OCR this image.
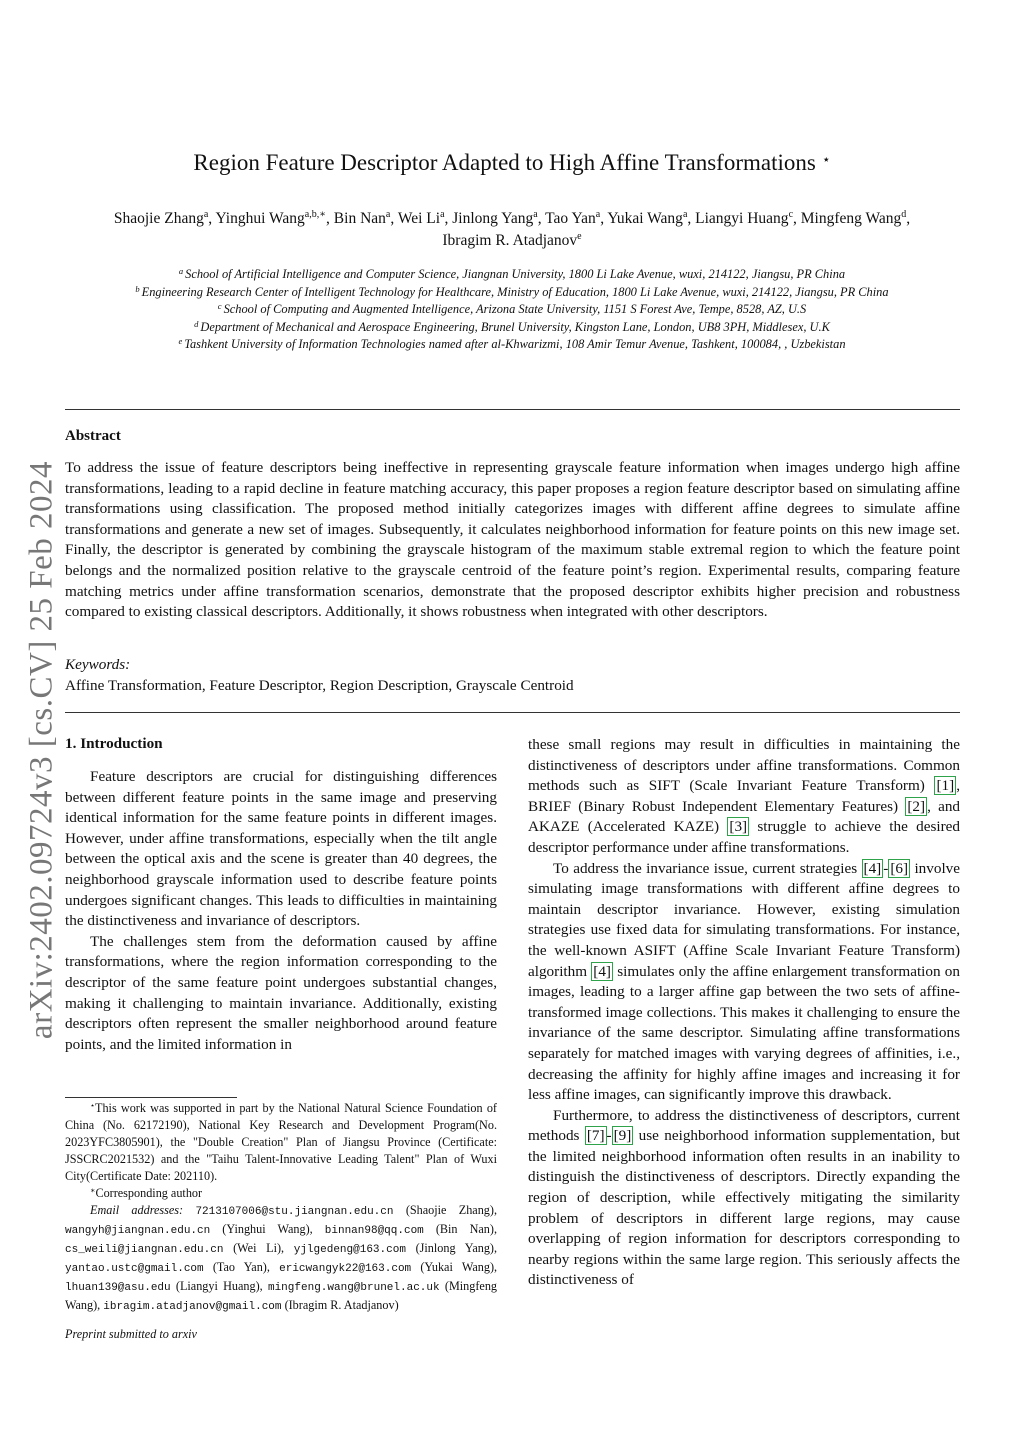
arXiv:2402.09724v3 [cs.CV] 25 Feb 2024
Region Feature Descriptor Adapted to High Affine Transformations ⋆
Shaojie Zhang$^a$, Yinghui Wang$^{a,b,∗}$, Bin Nan$^a$, Wei Li$^a$, Jinlong Yang$^a$, Tao Yan$^a$, Yukai Wang$^a$, Liangyi Huang$^c$, Mingfeng Wang$^d$,
Ibragim R. Atadjanov$^e$
$^a$ School of Artificial Intelligence and Computer Science, Jiangnan University, 1800 Li Lake Avenue, wuxi, 214122, Jiangsu, PR China
$^b$ Engineering Research Center of Intelligent Technology for Healthcare, Ministry of Education, 1800 Li Lake Avenue, wuxi, 214122, Jiangsu, PR China
$^c$ School of Computing and Augmented Intelligence, Arizona State University, 1151 S Forest Ave, Tempe, 8528, AZ, U.S
$^d$ Department of Mechanical and Aerospace Engineering, Brunel University, Kingston Lane, London, UB8 3PH, Middlesex, U.K
$^e$ Tashkent University of Information Technologies named after al-Khwarizmi, 108 Amir Temur Avenue, Tashkent, 100084, , Uzbekistan
Abstract
To address the issue of feature descriptors being ineffective in representing grayscale feature information when images undergo high affine transformations, leading to a rapid decline in feature matching accuracy, this paper proposes a region feature descriptor based on simulating affine transformations using classification. The proposed method initially categorizes images with different affine degrees to simulate affine transformations and generate a new set of images. Subsequently, it calculates neighborhood information for feature points on this new image set. Finally, the descriptor is generated by combining the grayscale histogram of the maximum stable extremal region to which the feature point belongs and the normalized position relative to the grayscale centroid of the feature point’s region. Experimental results, comparing feature matching metrics under affine transformation scenarios, demonstrate that the proposed descriptor exhibits higher precision and robustness compared to existing classical descriptors. Additionally, it shows robustness when integrated with other descriptors.
Keywords:
Affine Transformation, Feature Descriptor, Region Description, Grayscale Centroid
1. Introduction

Feature descriptors are crucial for distinguishing differences between different feature points in the same image and preserving identical information for the same feature points in different images. However, under affine transformations, especially when the tilt angle between the optical axis and the scene is greater than 40 degrees, the neighborhood grayscale information used to describe feature points undergoes significant changes. This leads to difficulties in maintaining the distinctiveness and invariance of descriptors.

The challenges stem from the deformation caused by affine transformations, where the region information corresponding to the descriptor of the same feature point undergoes substantial changes, making it challenging to maintain invariance. Additionally, existing descriptors often represent the smaller neighborhood around feature points, and the limited information in

these small regions may result in difficulties in maintaining the distinctiveness of descriptors under affine transformations. Common methods such as SIFT (Scale Invariant Feature Transform) [1] , BRIEF (Binary Robust Independent Elementary Features) [2] , and AKAZE (Accelerated KAZE) [3] struggle to achieve the desired descriptor performance under affine transformations.

To address the invariance issue, current strategies [4] - [6] involve simulating image transformations with different affine degrees to maintain descriptor invariance. However, existing simulation strategies use fixed data for simulating transformations. For instance, the well-known ASIFT (Affine Scale Invariant Feature Transform) algorithm [4] simulates only the affine enlargement transformation on images, leading to a larger affine gap between the two sets of affine-transformed image collections. This makes it challenging to ensure the invariance of the same descriptor. Simulating affine transformations separately for matched images with varying degrees of affinities, i.e., decreasing the affinity for highly affine images and increasing it for less affine images, can significantly improve this drawback.

Furthermore, to address the distinctiveness of descriptors, current methods [7] - [9] use neighborhood information supplementation, but the limited neighborhood information often results in an inability to distinguish the distinctiveness of descriptors. Directly expanding the region of description, while effectively mitigating the similarity problem of descriptors in different large regions, may cause overlapping of region information for descriptors corresponding to nearby regions within the same large region. This seriously affects the distinctiveness of

⋆This work was supported in part by the National Natural Science Foundation of China (No. 62172190), National Key Research and Development Program(No. 2023YFC3805901), the "Double Creation" Plan of Jiangsu Province (Certificate: JSSCRC2021532) and the "Taihu Talent-Innovative Leading Talent" Plan of Wuxi City(Certificate Date: 202110).

∗Corresponding author

Email addresses: 7213107006@stu.jiangnan.edu.cn (Shaojie Zhang), wangyh@jiangnan.edu.cn (Yinghui Wang), binnan98@qq.com (Bin Nan), cs_weili@jiangnan.edu.cn (Wei Li), yjlgedeng@163.com (Jinlong Yang), yantao.ustc@gmail.com (Tao Yan), ericwangyk22@163.com (Yukai Wang), lhuan139@asu.edu (Liangyi Huang), mingfeng.wang@brunel.ac.uk (Mingfeng Wang), ibragim.atadjanov@gmail.com (Ibragim R. Atadjanov)

Preprint submitted to arxiv
